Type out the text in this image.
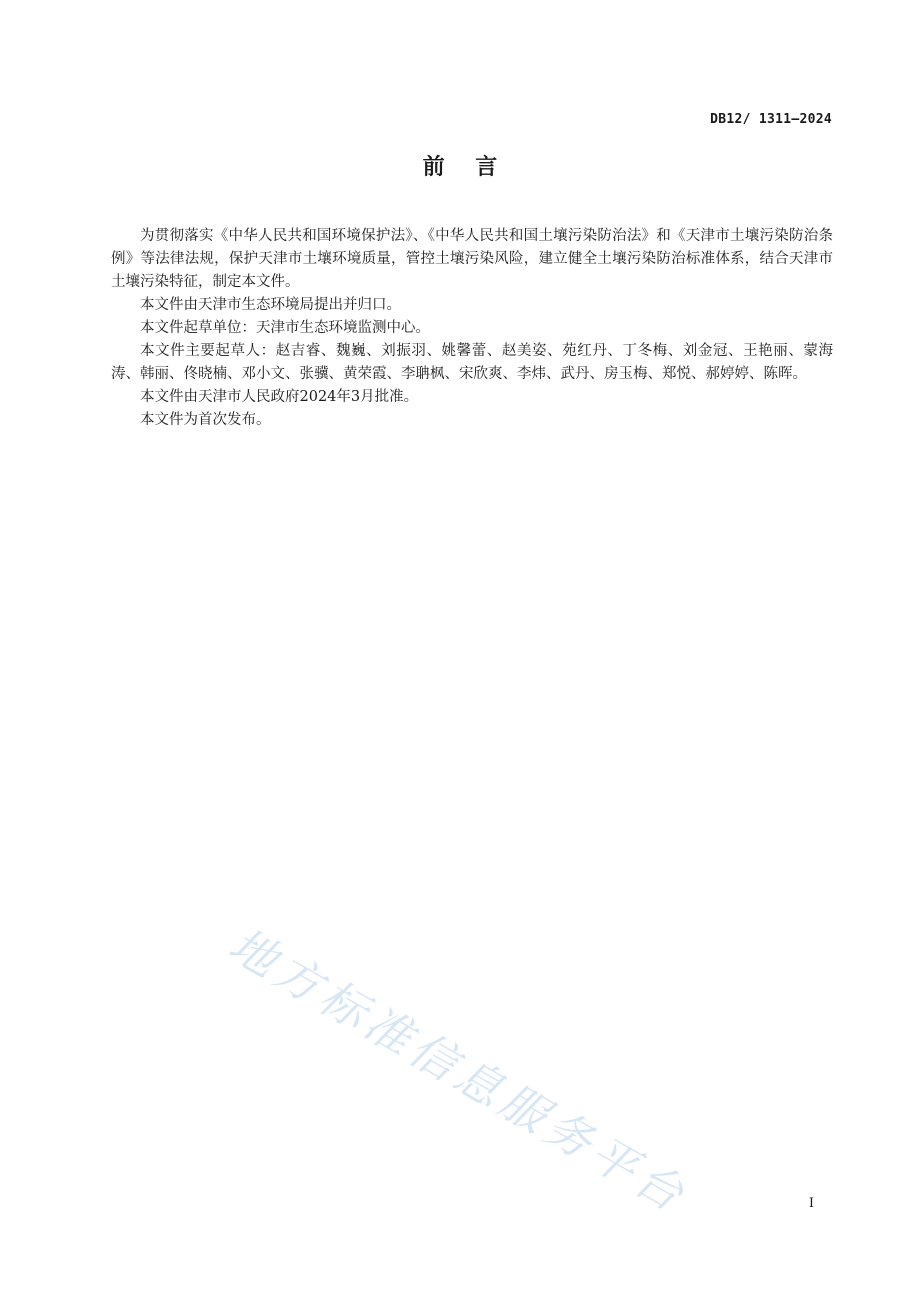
DB12/ 1311—2024
前    言

为贯彻落实《中华人民共和国环境保护法》、《中华人民共和国土壤污染防治法》和《天津市土壤污染防治条例》等法律法规，保护天津市土壤环境质量，管控土壤污染风险，建立健全土壤污染防治标准体系，结合天津市土壤污染特征，制定本文件。

本文件由天津市生态环境局提出并归口。

本文件起草单位：天津市生态环境监测中心。

本文件主要起草人：赵吉睿、魏巍、刘振羽、姚馨蕾、赵美姿、苑红丹、丁冬梅、刘金冠、王艳丽、蒙海涛、韩丽、佟晓楠、邓小文、张骥、黄荣霞、李聃枫、宋欣爽、李炜、武丹、房玉梅、郑悦、郝婷婷、陈晖。

本文件由天津市人民政府2024年3月批准。

本文件为首次发布。

地方标准信息服务平台	I
